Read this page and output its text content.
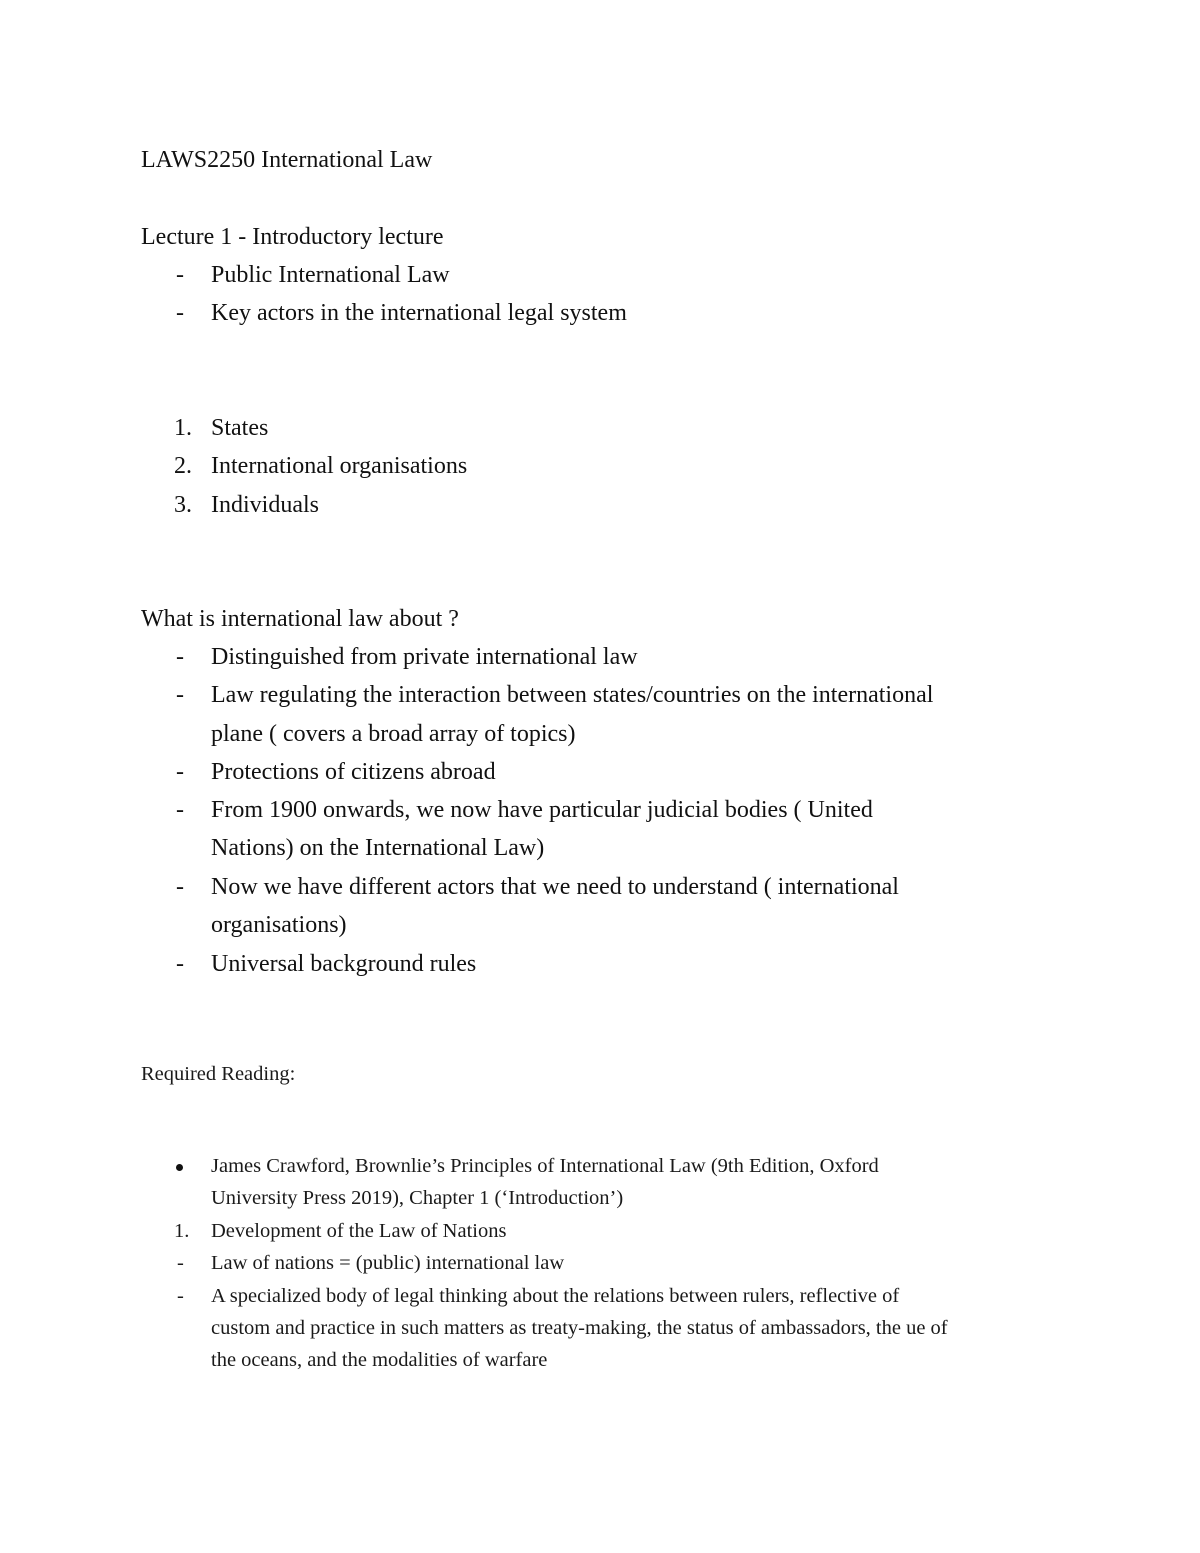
LAWS2250 International Law
Lecture 1 - Introductory lecture
- Public International Law
- Key actors in the international legal system
1. States
2. International organisations
3. Individuals
What is international law about ?
- Distinguished from private international law
- Law regulating the interaction between states/countries on the international
plane ( covers a broad array of topics)
- Protections of citizens abroad
- From 1900 onwards, we now have particular judicial bodies ( United
Nations) on the International Law)
- Now we have different actors that we need to understand ( international
organisations)
- Universal background rules
Required Reading:
James Crawford, Brownlie’s Principles of International Law (9th Edition, Oxford
University Press 2019), Chapter 1 (‘Introduction’)
1. Development of the Law of Nations
- Law of nations = (public) international law
- A specialized body of legal thinking about the relations between rulers, reflective of
custom and practice in such matters as treaty-making, the status of ambassadors, the ue of
the oceans, and the modalities of warfare
